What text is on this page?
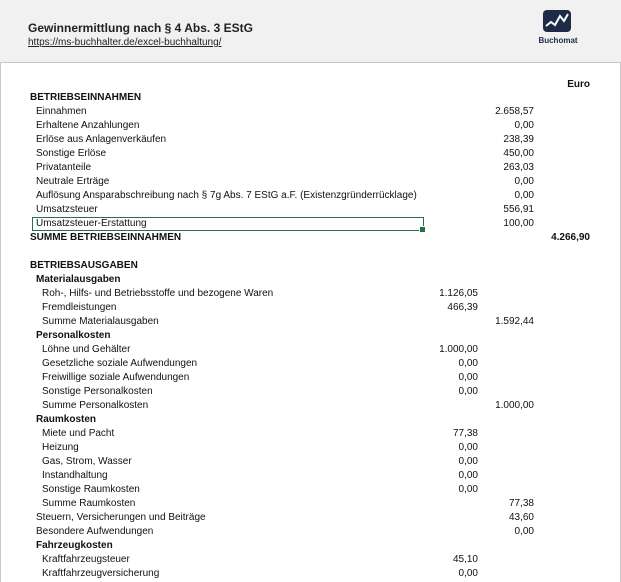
Gewinnermittlung nach § 4 Abs. 3 EStG
https://ms-buchhalter.de/excel-buchhaltung/	Buchomat
Euro
BETRIEBSEINNAHMEN
Einnahmen	2.658,57
Erhaltene Anzahlungen	0,00
Erlöse aus Anlagenverkäufen	238,39
Sonstige Erlöse	450,00
Privatanteile	263,03
Neutrale Erträge	0,00
Auflösung Ansparabschreibung nach § 7g Abs. 7 EStG a.F. (Existenzgründerrücklage)	0,00
Umsatzsteuer	556,91
Umsatzsteuer-Erstattung	100,00
SUMME BETRIEBSEINNAHMEN	4.266,90
BETRIEBSAUSGABEN
Materialausgaben
Roh-, Hilfs- und Betriebsstoffe und bezogene Waren	1.126,05
Fremdleistungen	466,39
Summe Materialausgaben	1.592,44
Personalkosten
Löhne und Gehälter	1.000,00
Gesetzliche soziale Aufwendungen	0,00
Freiwillige soziale Aufwendungen	0,00
Sonstige Personalkosten	0,00
Summe Personalkosten	1.000,00
Raumkosten
Miete und Pacht	77,38
Heizung	0,00
Gas, Strom, Wasser	0,00
Instandhaltung	0,00
Sonstige Raumkosten	0,00
Summe Raumkosten	77,38
Steuern, Versicherungen und Beiträge	43,60
Besondere Aufwendungen	0,00
Fahrzeugkosten
Kraftfahrzeugsteuer	45,10
Kraftfahrzeugversicherung	0,00
